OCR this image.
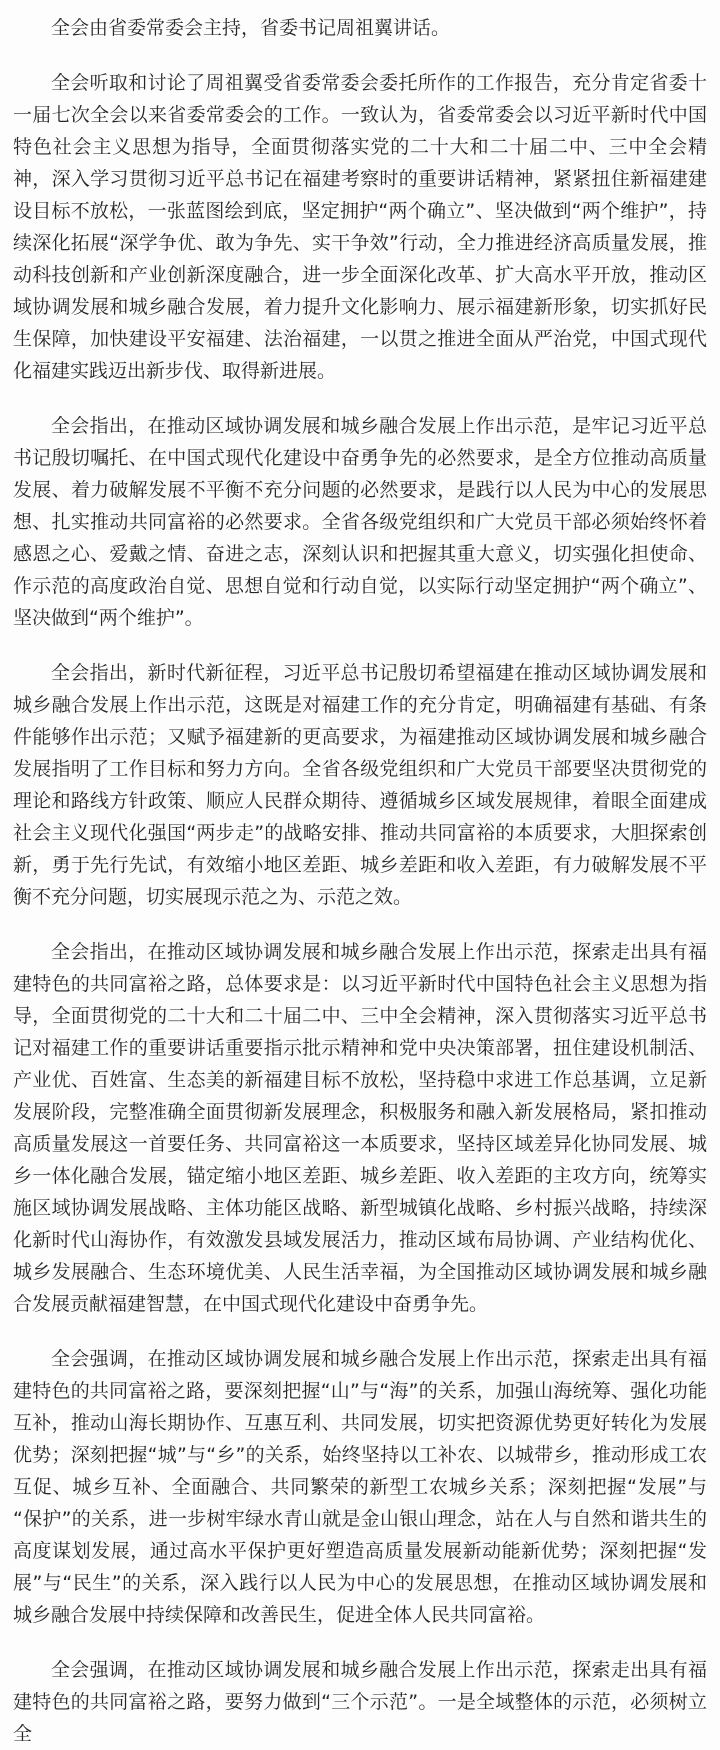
全会由省委常委会主持，省委书记周祖翼讲话。

全会听取和讨论了周祖翼受省委常委会委托所作的工作报告，充分肯定省委十一届七次全会以来省委常委会的工作。一致认为，省委常委会以习近平新时代中国特色社会主义思想为指导，全面贯彻落实党的二十大和二十届二中、三中全会精神，深入学习贯彻习近平总书记在福建考察时的重要讲话精神，紧紧扭住新福建建设目标不放松，一张蓝图绘到底，坚定拥护“两个确立”、坚决做到“两个维护”，持续深化拓展“深学争优、敢为争先、实干争效”行动，全力推进经济高质量发展，推动科技创新和产业创新深度融合，进一步全面深化改革、扩大高水平开放，推动区域协调发展和城乡融合发展，着力提升文化影响力、展示福建新形象，切实抓好民生保障，加快建设平安福建、法治福建，一以贯之推进全面从严治党，中国式现代化福建实践迈出新步伐、取得新进展。

全会指出，在推动区域协调发展和城乡融合发展上作出示范，是牢记习近平总书记殷切嘱托、在中国式现代化建设中奋勇争先的必然要求，是全方位推动高质量发展、着力破解发展不平衡不充分问题的必然要求，是践行以人民为中心的发展思想、扎实推动共同富裕的必然要求。全省各级党组织和广大党员干部必须始终怀着感恩之心、爱戴之情、奋进之志，深刻认识和把握其重大意义，切实强化担使命、作示范的高度政治自觉、思想自觉和行动自觉，以实际行动坚定拥护“两个确立”、坚决做到“两个维护”。

全会指出，新时代新征程，习近平总书记殷切希望福建在推动区域协调发展和城乡融合发展上作出示范，这既是对福建工作的充分肯定，明确福建有基础、有条件能够作出示范；又赋予福建新的更高要求，为福建推动区域协调发展和城乡融合发展指明了工作目标和努力方向。全省各级党组织和广大党员干部要坚决贯彻党的理论和路线方针政策、顺应人民群众期待、遵循城乡区域发展规律，着眼全面建成社会主义现代化强国“两步走”的战略安排、推动共同富裕的本质要求，大胆探索创新，勇于先行先试，有效缩小地区差距、城乡差距和收入差距，有力破解发展不平衡不充分问题，切实展现示范之为、示范之效。

全会指出，在推动区域协调发展和城乡融合发展上作出示范，探索走出具有福建特色的共同富裕之路，总体要求是：以习近平新时代中国特色社会主义思想为指导，全面贯彻党的二十大和二十届二中、三中全会精神，深入贯彻落实习近平总书记对福建工作的重要讲话重要指示批示精神和党中央决策部署，扭住建设机制活、产业优、百姓富、生态美的新福建目标不放松，坚持稳中求进工作总基调，立足新发展阶段，完整准确全面贯彻新发展理念，积极服务和融入新发展格局，紧扣推动高质量发展这一首要任务、共同富裕这一本质要求，坚持区域差异化协同发展、城乡一体化融合发展，锚定缩小地区差距、城乡差距、收入差距的主攻方向，统筹实施区域协调发展战略、主体功能区战略、新型城镇化战略、乡村振兴战略，持续深化新时代山海协作，有效激发县域发展活力，推动区域布局协调、产业结构优化、城乡发展融合、生态环境优美、人民生活幸福，为全国推动区域协调发展和城乡融合发展贡献福建智慧，在中国式现代化建设中奋勇争先。

全会强调，在推动区域协调发展和城乡融合发展上作出示范，探索走出具有福建特色的共同富裕之路，要深刻把握“山”与“海”的关系，加强山海统筹、强化功能互补，推动山海长期协作、互惠互利、共同发展，切实把资源优势更好转化为发展优势；深刻把握“城”与“乡”的关系，始终坚持以工补农、以城带乡，推动形成工农互促、城乡互补、全面融合、共同繁荣的新型工农城乡关系；深刻把握“发展”与“保护”的关系，进一步树牢绿水青山就是金山银山理念，站在人与自然和谐共生的高度谋划发展，通过高水平保护更好塑造高质量发展新动能新优势；深刻把握“发展”与“民生”的关系，深入践行以人民为中心的发展思想，在推动区域协调发展和城乡融合发展中持续保障和改善民生，促进全体人民共同富裕。

全会强调，在推动区域协调发展和城乡融合发展上作出示范，探索走出具有福建特色的共同富裕之路，要努力做到“三个示范”。一是全域整体的示范，必须树立全
